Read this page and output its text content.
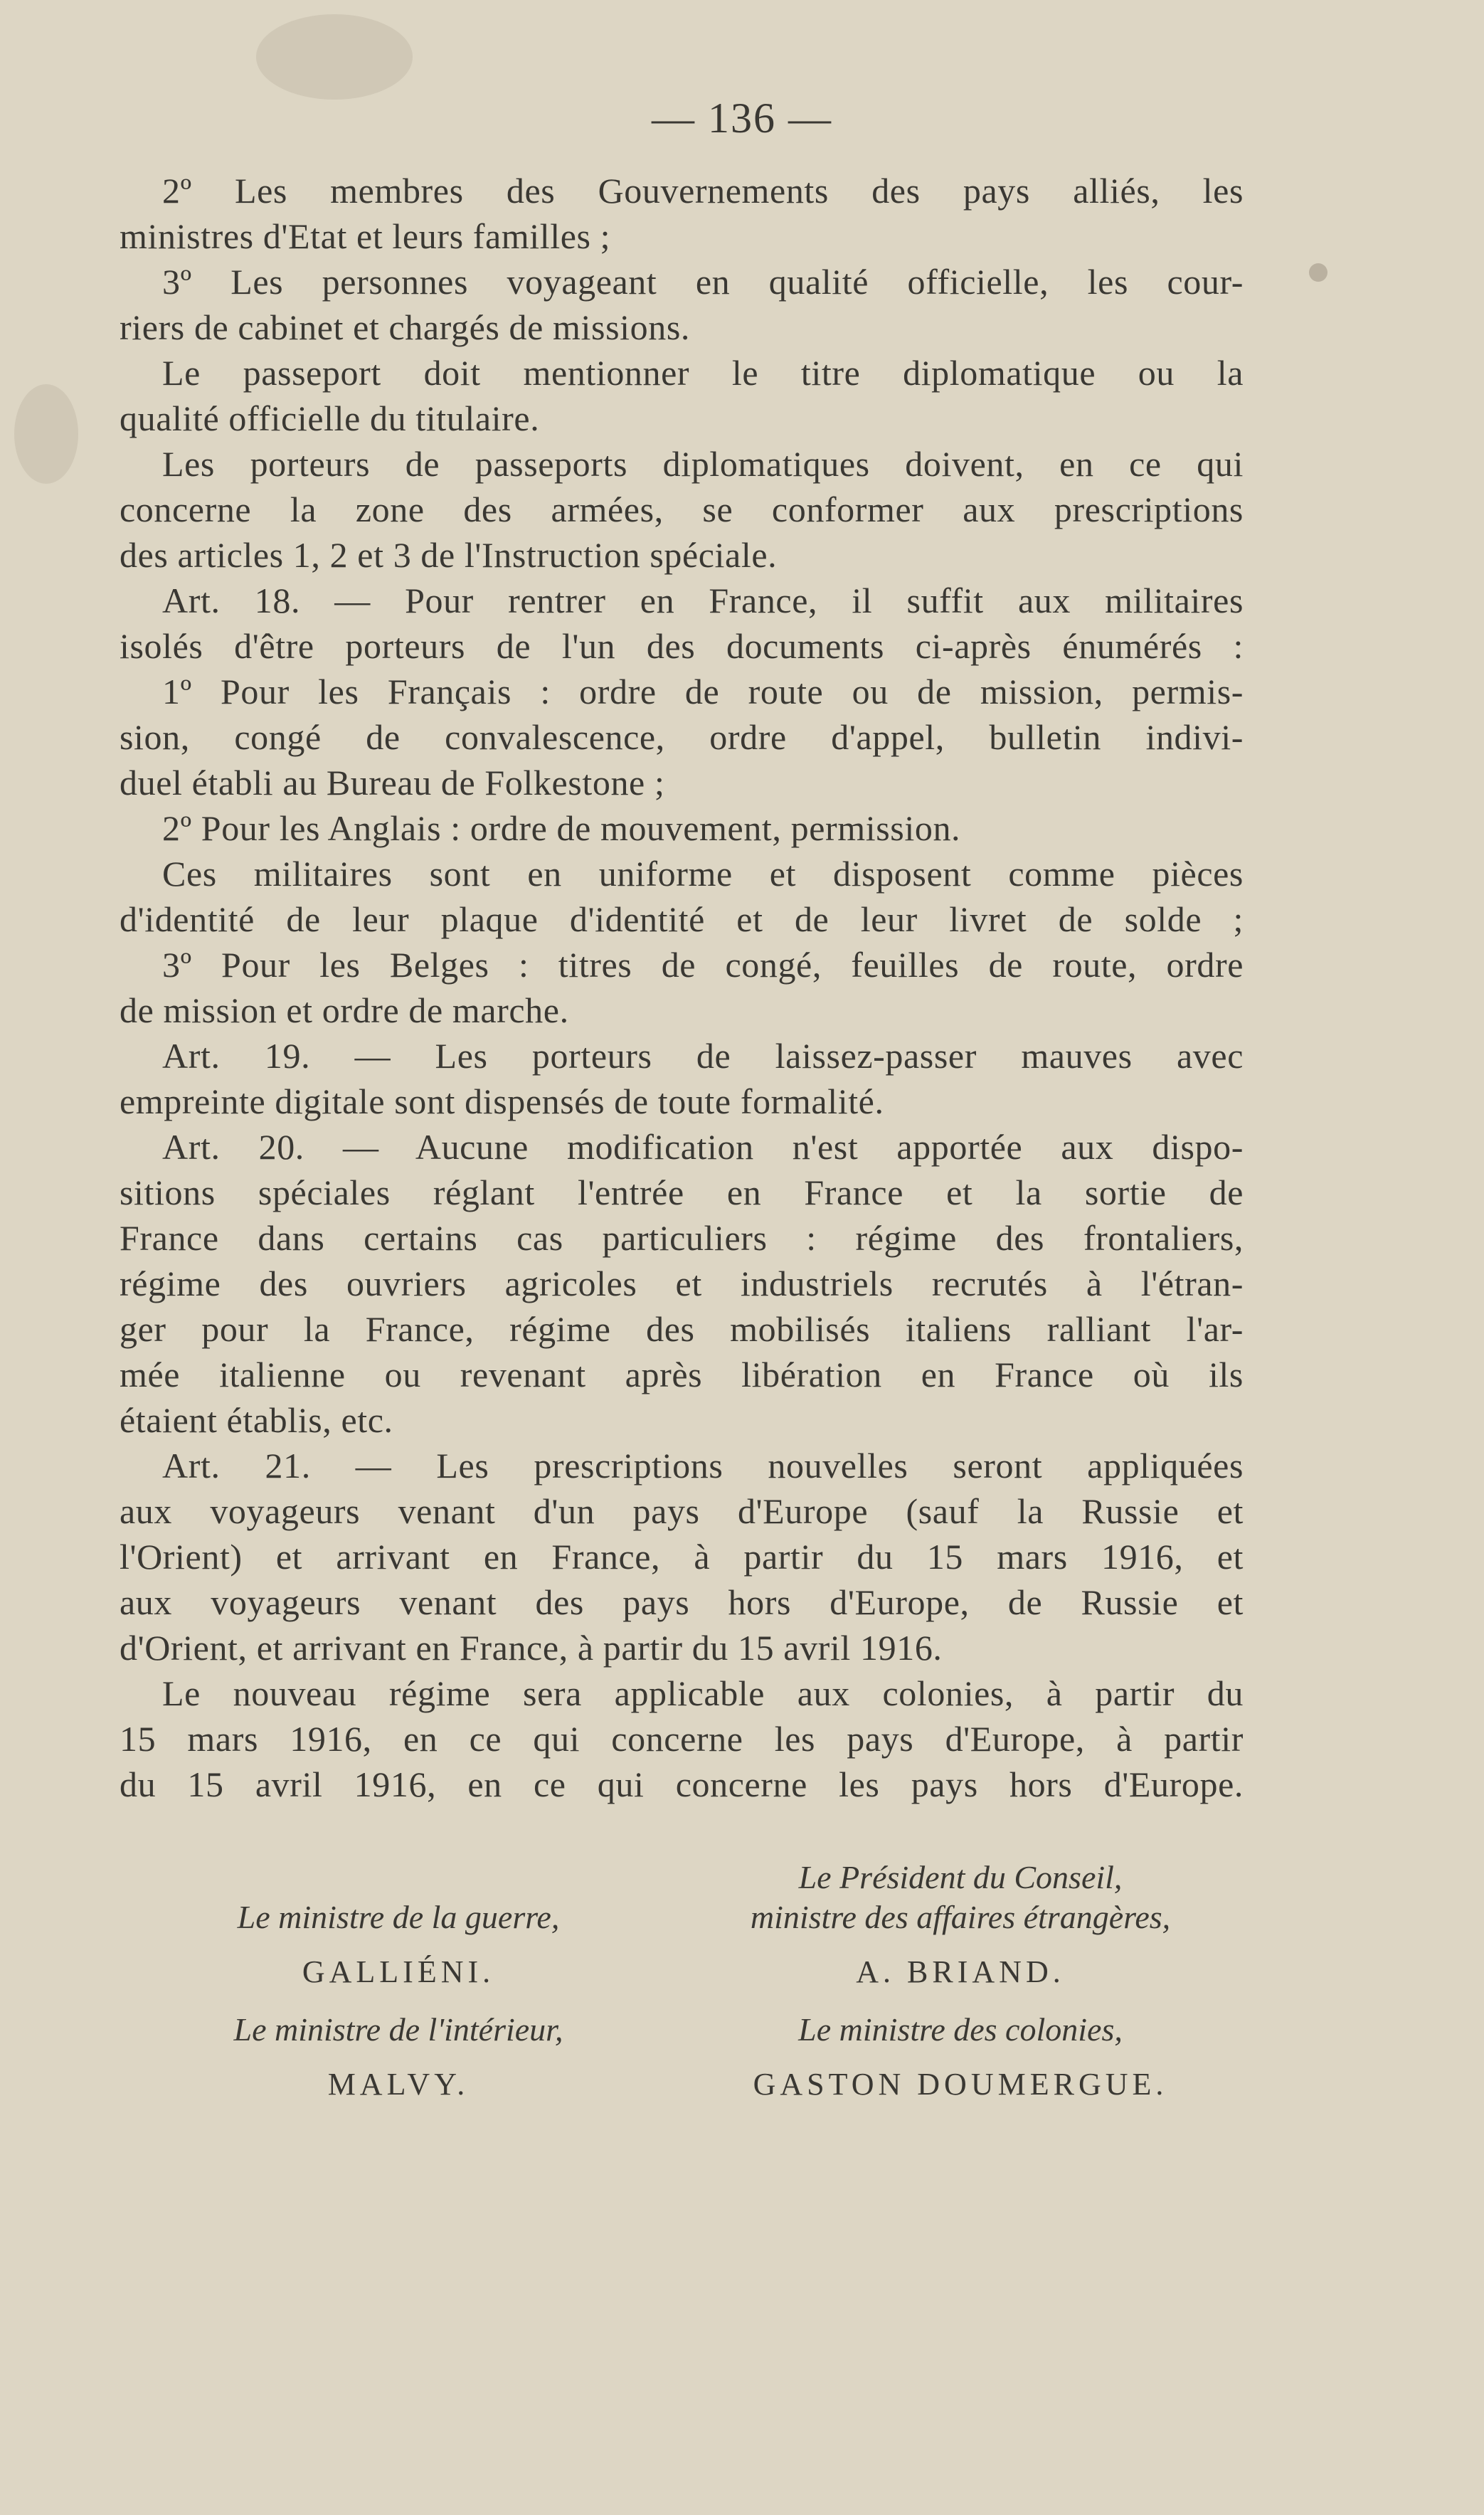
— 136 —
2º Les membres des Gouvernements des pays alliés, les
ministres d'Etat et leurs familles ;
3º Les personnes voyageant en qualité officielle, les cour-
riers de cabinet et chargés de missions.
Le passeport doit mentionner le titre diplomatique ou la
qualité officielle du titulaire.
Les porteurs de passeports diplomatiques doivent, en ce qui
concerne la zone des armées, se conformer aux prescriptions
des articles 1, 2 et 3 de l'Instruction spéciale.
Art. 18. — Pour rentrer en France, il suffit aux militaires
isolés d'être porteurs de l'un des documents ci-après énumérés :
1º Pour les Français : ordre de route ou de mission, permis-
sion, congé de convalescence, ordre d'appel, bulletin indivi-
duel établi au Bureau de Folkestone ;
2º Pour les Anglais : ordre de mouvement, permission.
Ces militaires sont en uniforme et disposent comme pièces
d'identité de leur plaque d'identité et de leur livret de solde ;
3º Pour les Belges : titres de congé, feuilles de route, ordre
de mission et ordre de marche.
Art. 19. — Les porteurs de laissez-passer mauves avec
empreinte digitale sont dispensés de toute formalité.
Art. 20. — Aucune modification n'est apportée aux dispo-
sitions spéciales réglant l'entrée en France et la sortie de
France dans certains cas particuliers : régime des frontaliers,
régime des ouvriers agricoles et industriels recrutés à l'étran-
ger pour la France, régime des mobilisés italiens ralliant l'ar-
mée italienne ou revenant après libération en France où ils
étaient établis, etc.
Art. 21. — Les prescriptions nouvelles seront appliquées
aux voyageurs venant d'un pays d'Europe (sauf la Russie et
l'Orient) et arrivant en France, à partir du 15 mars 1916, et
aux voyageurs venant des pays hors d'Europe, de Russie et
d'Orient, et arrivant en France, à partir du 15 avril 1916.
Le nouveau régime sera applicable aux colonies, à partir du
15 mars 1916, en ce qui concerne les pays d'Europe, à partir
du 15 avril 1916, en ce qui concerne les pays hors d'Europe.
Le Président du Conseil,
Le ministre de la guerre,	ministre des affaires étrangères,
GALLIÉNI.	A. BRIAND.
Le ministre de l'intérieur,	Le ministre des colonies,
MALVY.	GASTON DOUMERGUE.
